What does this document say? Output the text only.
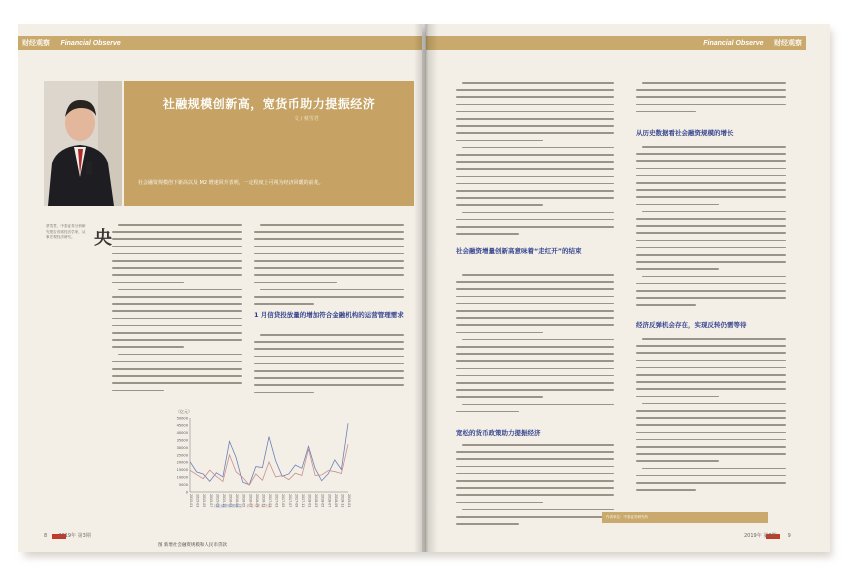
财经观察 Financial Observe
社融规模创新高，宽货币助力提振经济
文 / 蔡雪君
社会融资规模创下新高以及 M2 增速回升表明，一定程度上可视为经济回暖的前兆。
蔡雪君，中泰证券分析研究报告首席经济学家，从事宏观经济研究。	央
1 月信贷投放量的增加符合金融机构的运营管理需求
（亿元）
0
5000
10000
15000
20000
25000
30000
35000
40000
45000
50000
2015-01 2015-03 2015-05 2015-07 2015-09 2015-11 2016-01 2016-03 2016-05 2016-07 2016-09 2016-11 2017-01 2017-03 2017-05 2017-07 2017-09 2017-11 2018-01 2018-03 2018-05 2018-07 2018-09 2018-11 2019-01
社会融资规模增量 新增人民币贷款
图 新增社会融资规模和人民币贷款
8 2019年 第3期
Financial Observe 财经观察
社会融资增量创新高意味着“走红开”的结束
宽松的货币政策助力提振经济
从历史数据看社会融资规模的增长
经济反弹机会存在，实现反转仍需等待
作者单位：中泰证券研究所
2019年 第3期 9
